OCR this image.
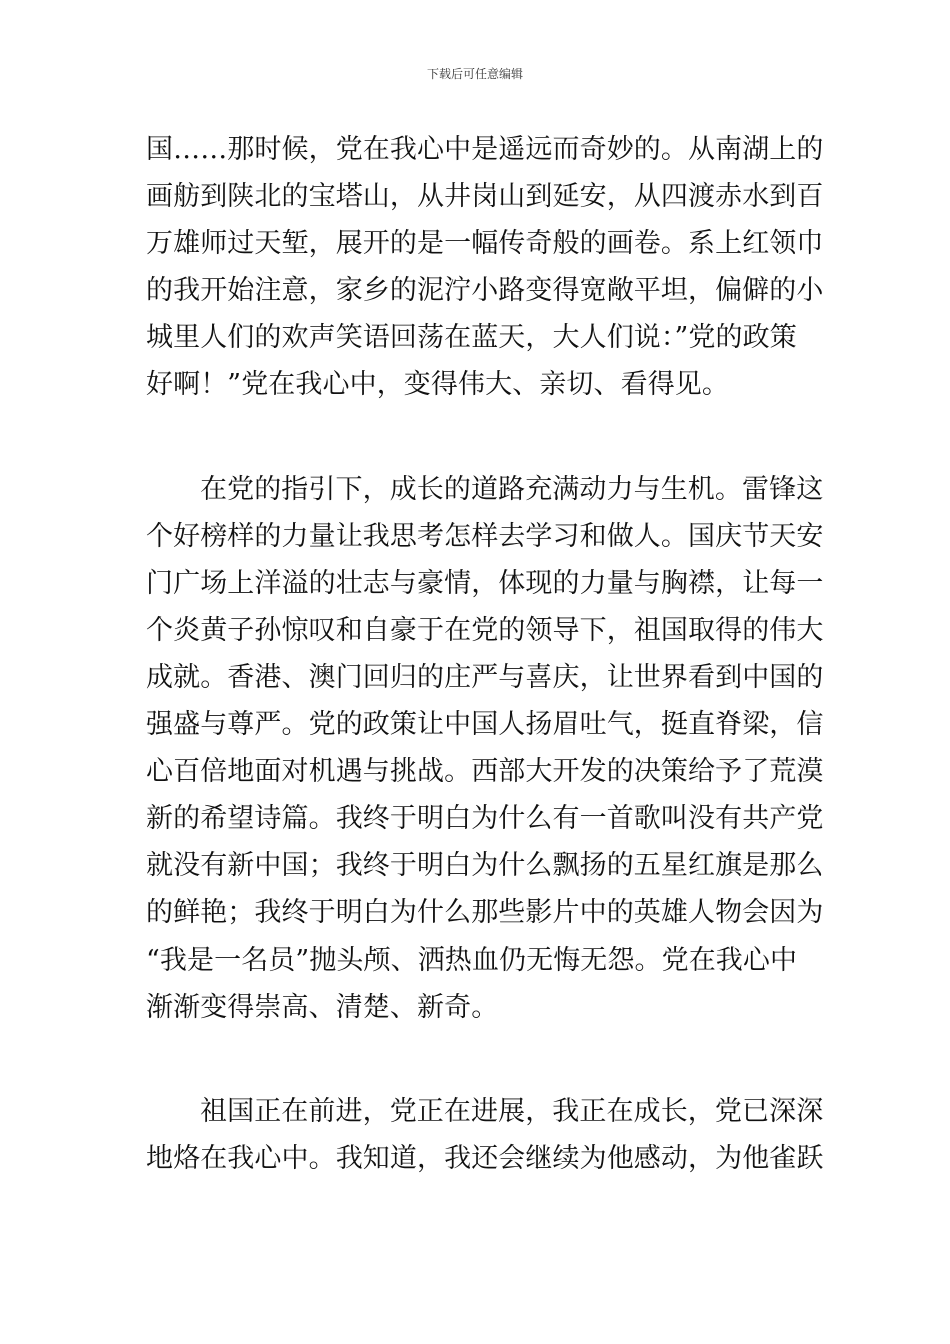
下载后可任意编辑

国……那时候，党在我心中是遥远而奇妙的。从南湖上的
画舫到陕北的宝塔山，从井岗山到延安，从四渡赤水到百
万雄师过天堑，展开的是一幅传奇般的画卷。系上红领巾
的我开始注意，家乡的泥泞小路变得宽敞平坦，偏僻的小
城里人们的欢声笑语回荡在蓝天，大人们说：”党的政策
好啊！”党在我心中，变得伟大、亲切、看得见。

在党的指引下，成长的道路充满动力与生机。雷锋这
个好榜样的力量让我思考怎样去学习和做人。国庆节天安
门广场上洋溢的壮志与豪情，体现的力量与胸襟，让每一
个炎黄子孙惊叹和自豪于在党的领导下，祖国取得的伟大
成就。香港、澳门回归的庄严与喜庆，让世界看到中国的
强盛与尊严。党的政策让中国人扬眉吐气，挺直脊梁，信
心百倍地面对机遇与挑战。西部大开发的决策给予了荒漠
新的希望诗篇。我终于明白为什么有一首歌叫没有共产党
就没有新中国；我终于明白为什么飘扬的五星红旗是那么
的鲜艳；我终于明白为什么那些影片中的英雄人物会因为
“我是一名员”抛头颅、洒热血仍无悔无怨。党在我心中
渐渐变得崇高、清楚、新奇。

祖国正在前进，党正在进展，我正在成长，党已深深
地烙在我心中。我知道，我还会继续为他感动，为他雀跃
